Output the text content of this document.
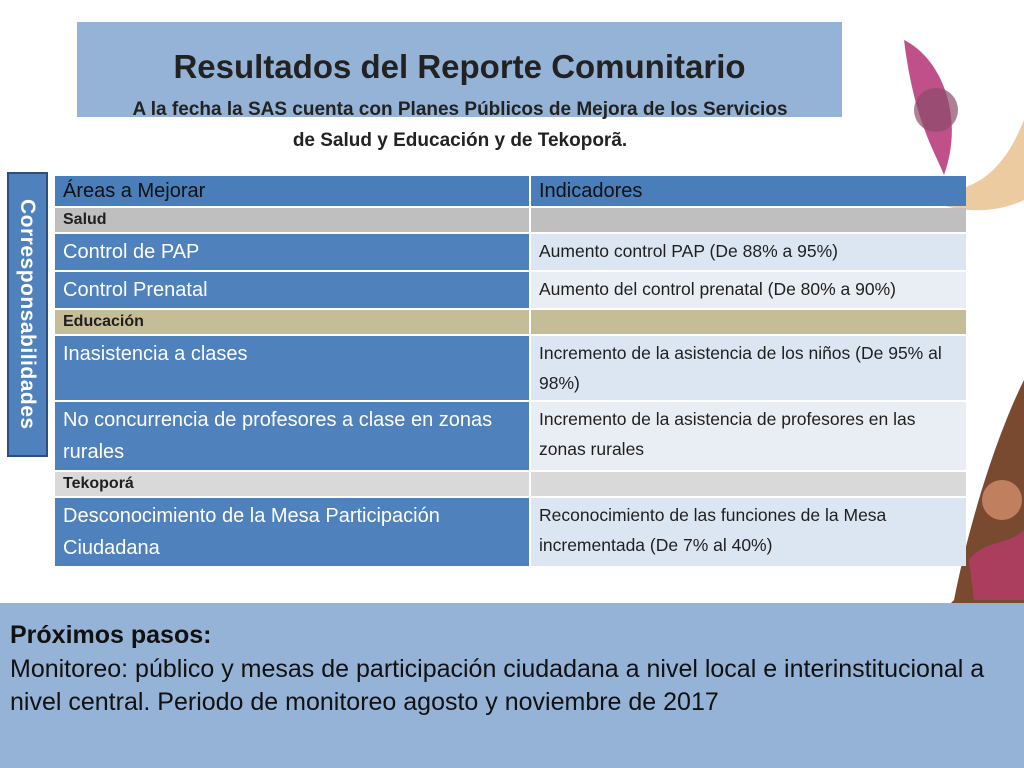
Resultados del Reporte Comunitario

A la fecha la SAS cuenta con Planes Públicos de Mejora de los Servicios
de Salud y Educación y de Tekoporã.

Corresponsabilidades
Áreas a Mejorar	Indicadores
Salud	
Control de PAP	Aumento control PAP (De 88% a 95%)
Control Prenatal	Aumento del control prenatal (De 80% a 90%)
Educación	
Inasistencia a clases	Incremento de la asistencia de los niños (De 95% al 98%)
No concurrencia de profesores a clase en zonas rurales	Incremento de la asistencia de profesores en las zonas rurales
Tekoporá	
Desconocimiento de la Mesa Participación Ciudadana	Reconocimiento de las funciones de la Mesa incrementada (De 7% al 40%)
Próximos pasos:
Monitoreo: público y mesas de participación ciudadana a nivel local e interinstitucional a nivel central. Periodo de monitoreo agosto y noviembre de 2017
